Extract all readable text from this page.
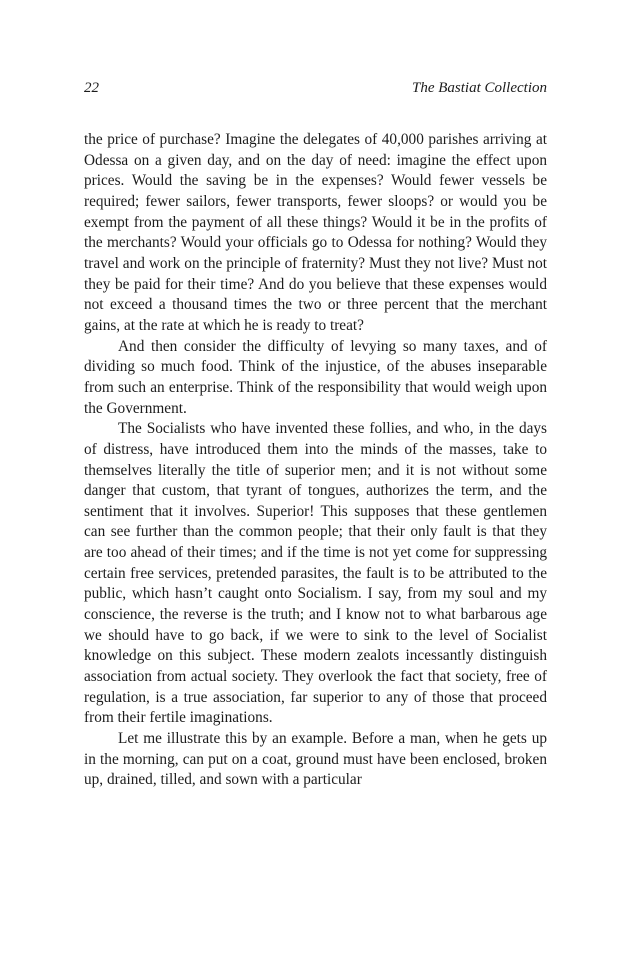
22	The Bastiat Collection

the price of purchase? Imagine the delegates of 40,000 parishes arriving at Odessa on a given day, and on the day of need: imagine the effect upon prices. Would the saving be in the expenses? Would fewer vessels be required; fewer sailors, fewer transports, fewer sloops? or would you be exempt from the payment of all these things? Would it be in the profits of the merchants? Would your officials go to Odessa for nothing? Would they travel and work on the principle of fraternity? Must they not live? Must not they be paid for their time? And do you believe that these expenses would not exceed a thousand times the two or three percent that the merchant gains, at the rate at which he is ready to treat?

And then consider the difficulty of levying so many taxes, and of dividing so much food. Think of the injustice, of the abuses inseparable from such an enterprise. Think of the responsibility that would weigh upon the Government.

The Socialists who have invented these follies, and who, in the days of distress, have introduced them into the minds of the masses, take to themselves literally the title of superior men; and it is not without some danger that custom, that tyrant of tongues, authorizes the term, and the sentiment that it involves. Superior! This supposes that these gentlemen can see further than the common people; that their only fault is that they are too ahead of their times; and if the time is not yet come for suppressing certain free services, pretended parasites, the fault is to be attributed to the public, which hasn’t caught onto Socialism. I say, from my soul and my conscience, the reverse is the truth; and I know not to what barbarous age we should have to go back, if we were to sink to the level of Socialist knowledge on this subject. These modern zealots incessantly distinguish association from actual society. They overlook the fact that society, free of regulation, is a true association, far superior to any of those that proceed from their fertile imaginations.

Let me illustrate this by an example. Before a man, when he gets up in the morning, can put on a coat, ground must have been enclosed, broken up, drained, tilled, and sown with a particular
